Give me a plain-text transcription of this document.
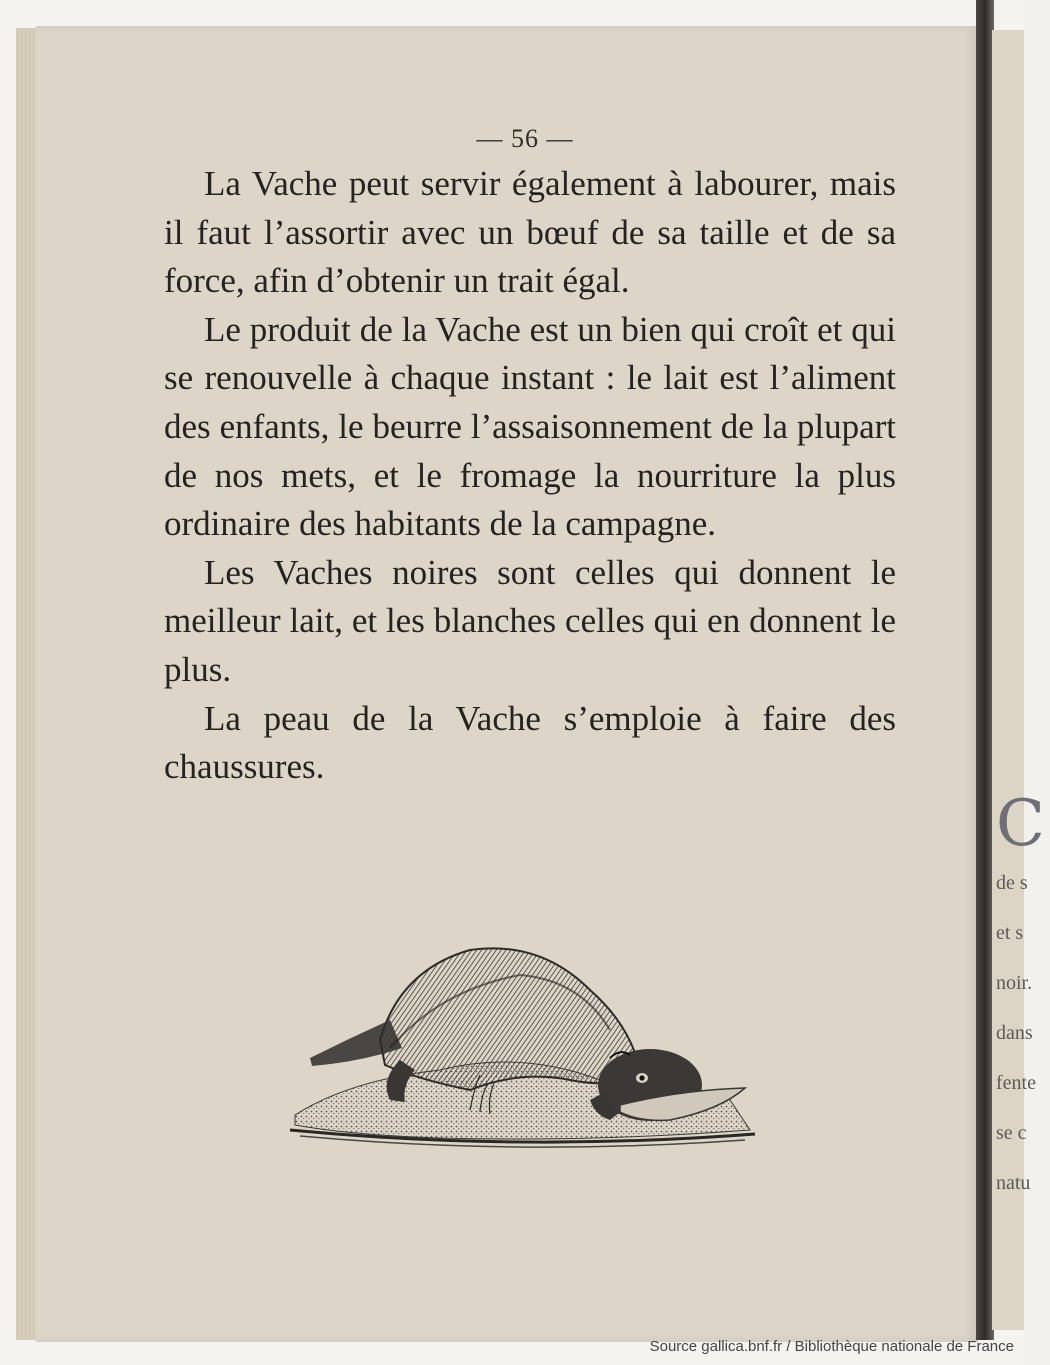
— 56 —

La Vache peut servir également à labourer, mais il faut l’assortir avec un bœuf de sa taille et de sa force, afin d’obtenir un trait égal.

Le produit de la Vache est un bien qui croît et qui se renouvelle à chaque instant : le lait est l’aliment des enfants, le beurre l’assaisonnement de la plupart de nos mets, et le fromage la nourriture la plus ordinaire des habitants de la campagne.

Les Vaches noires sont celles qui donnent le meilleur lait, et les blanches celles qui en donnent le plus.

La peau de la Vache s’emploie à faire des chaussures.

C
de s
et s
noir.
dans
fente
se c
natu
Source gallica.bnf.fr / Bibliothèque nationale de France
